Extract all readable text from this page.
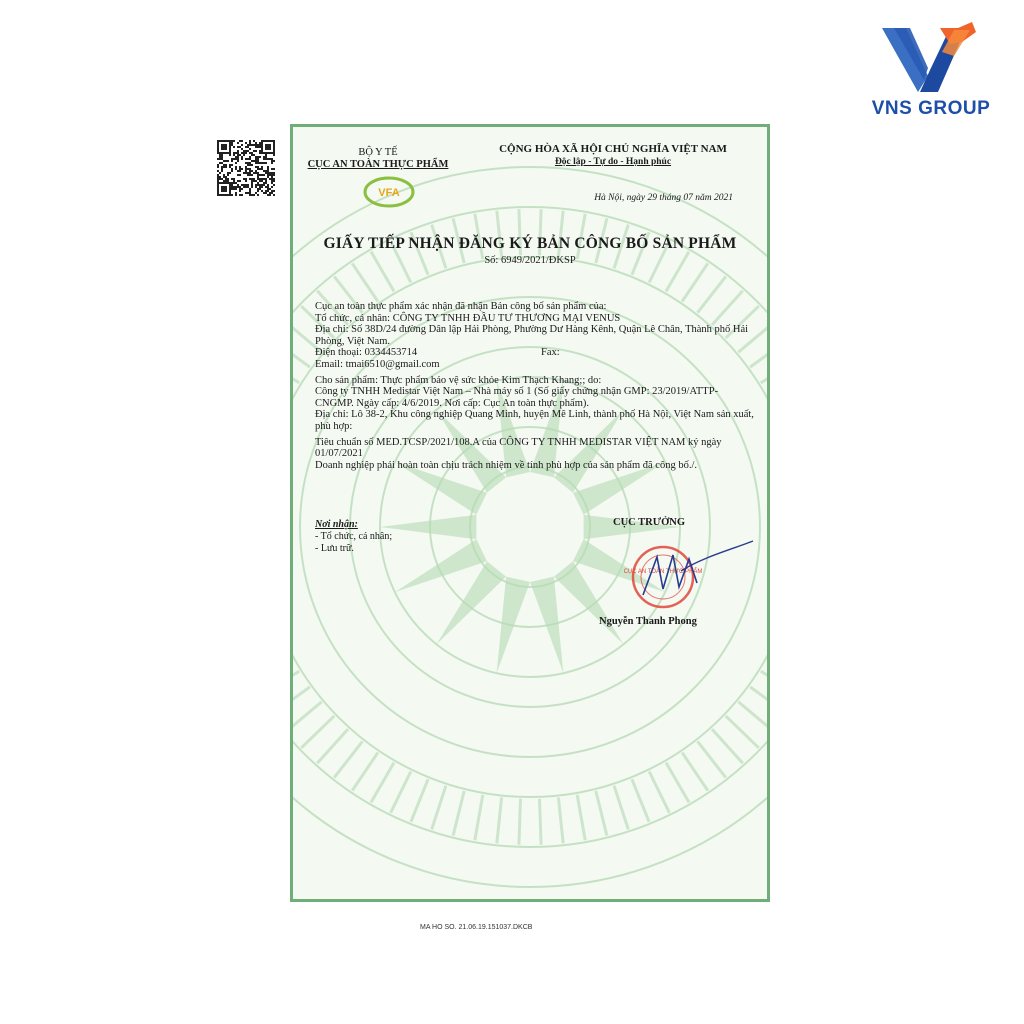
VNS GROUP
BỘ Y TẾ
CỤC AN TOÀN THỰC PHẨM
VFA
CỘNG HÒA XÃ HỘI CHỦ NGHĨA VIỆT NAM
Độc lập - Tự do - Hạnh phúc
Hà Nội, ngày 29 tháng 07 năm 2021
GIẤY TIẾP NHẬN ĐĂNG KÝ BẢN CÔNG BỐ SẢN PHẨM
Số: 6949/2021/ĐKSP

Cục an toàn thực phẩm xác nhận đã nhận Bản công bố sản phẩm của:

Tổ chức, cá nhân: CÔNG TY TNHH ĐẦU TƯ THƯƠNG MẠI VENUS

Địa chỉ: Số 38D/24 đường Dân lập Hải Phòng, Phường Dư Hàng Kênh, Quận Lê Chân, Thành phố Hải Phòng, Việt Nam.

Điện thoại: 0334453714	Fax:

Email: tmai6510@gmail.com

Cho sản phẩm: Thực phẩm bảo vệ sức khỏe Kim Thạch Khang;; do:

Công ty TNHH Medistar Việt Nam – Nhà máy số 1 (Số giấy chứng nhận GMP: 23/2019/ATTP-CNGMP. Ngày cấp: 4/6/2019. Nơi cấp: Cục An toàn thực phẩm).

Địa chỉ: Lô 38-2, Khu công nghiệp Quang Minh, huyện Mê Linh, thành phố Hà Nội, Việt Nam sản xuất, phù hợp:

Tiêu chuẩn số MED.TCSP/2021/108.A của CÔNG TY TNHH MEDISTAR VIỆT NAM ký ngày 01/07/2021

Doanh nghiệp phải hoàn toàn chịu trách nhiệm về tính phù hợp của sản phẩm đã công bố./.

Nơi nhận:
- Tổ chức, cá nhân;
- Lưu trữ.
CỤC TRƯỞNG
CỤC AN TOÀN THỰC PHẨM
Nguyễn Thanh Phong
MA HO SO. 21.06.19.151037.DKCB
